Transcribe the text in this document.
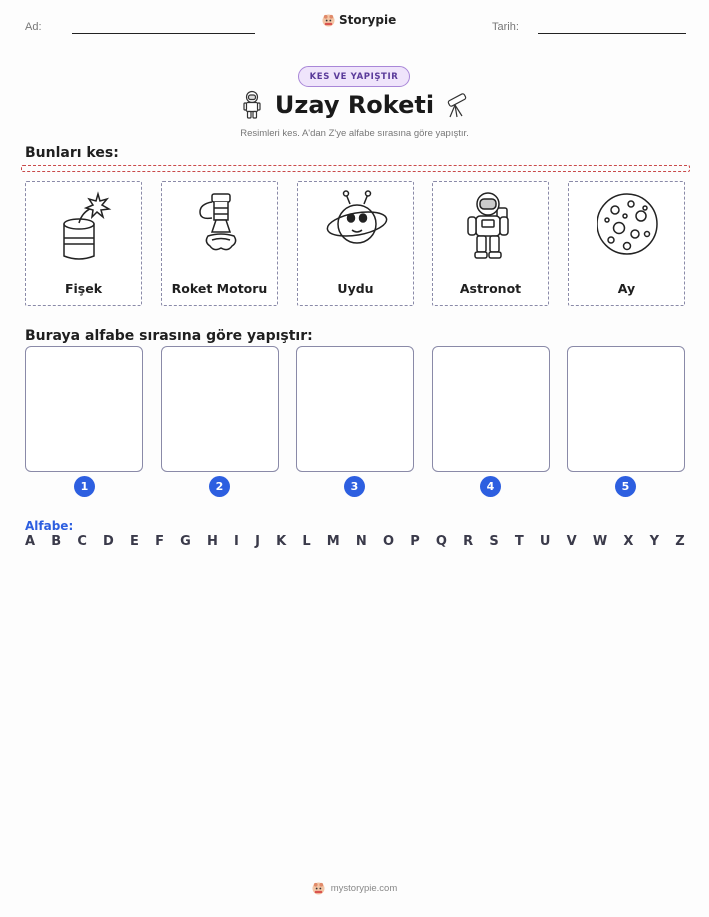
Ad:	Storypie	Tarih:
KES VE YAPIŞTIR
Uzay Roketi
Resimleri kes. A'dan Z'ye alfabe sırasına göre yapıştır.
Bunları kes:
Fişek	Roket Motoru	Uydu	Astronot	Ay
Buraya alfabe sırasına göre yapıştır:
1	2	3	4	5
Alfabe:
A B C D E F G H I J K L M N O P Q R S T U V W X Y Z
mystorypie.com
